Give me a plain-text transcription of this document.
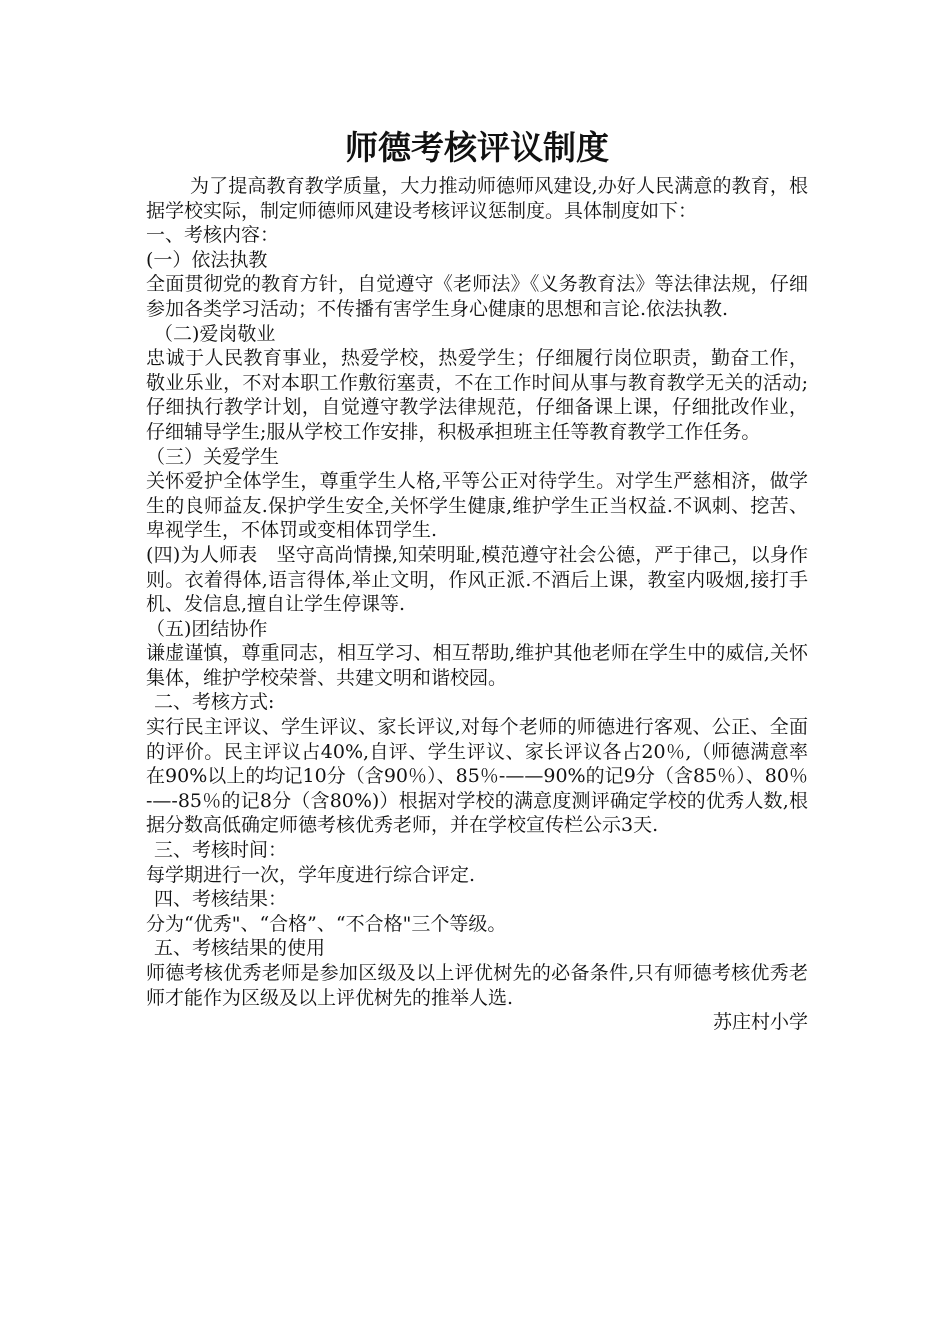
师德考核评议制度

为了提高教育教学质量，大力推动师德师风建设,办好人民满意的教育，根据学校实际，制定师德师风建设考核评议惩制度。具体制度如下：

一、考核内容：

(一）依法执教

全面贯彻党的教育方针，自觉遵守《老师法》《义务教育法》等法律法规，仔细参加各类学习活动；不传播有害学生身心健康的思想和言论.依法执教.

（二)爱岗敬业

忠诚于人民教育事业，热爱学校，热爱学生；仔细履行岗位职责，勤奋工作，敬业乐业，不对本职工作敷衍塞责，不在工作时间从事与教育教学无关的活动;仔细执行教学计划，自觉遵守教学法律规范，仔细备课上课，仔细批改作业，仔细辅导学生;服从学校工作安排，积极承担班主任等教育教学工作任务。

（三）关爱学生

关怀爱护全体学生，尊重学生人格,平等公正对待学生。对学生严慈相济，做学生的良师益友.保护学生安全,关怀学生健康,维护学生正当权益.不讽刺、挖苦、卑视学生，不体罚或变相体罚学生.

(四)为人师表　坚守高尚情操,知荣明耻,模范遵守社会公德，严于律己，以身作则。衣着得体,语言得体,举止文明，作风正派.不酒后上课，教室内吸烟,接打手机、发信息,擅自让学生停课等.

（五)团结协作

谦虚谨慎，尊重同志，相互学习、相互帮助,维护其他老师在学生中的威信,关怀集体，维护学校荣誉、共建文明和谐校园。

二、考核方式:

实行民主评议、学生评议、家长评议,对每个老师的师德进行客观、公正、全面的评价。民主评议占40%,自评、学生评议、家长评议各占20％,（师德满意率在90%以上的均记10分（含90％）、85％-——90%的记9分（含85％）、80％-—-85％的记8分（含80%)）根据对学校的满意度测评确定学校的优秀人数,根据分数高低确定师德考核优秀老师，并在学校宣传栏公示3天.

三、考核时间：

每学期进行一次，学年度进行综合评定.

四、考核结果：

分为“优秀"、“合格”、“不合格"三个等级。

五、考核结果的使用

师德考核优秀老师是参加区级及以上评优树先的必备条件,只有师德考核优秀老师才能作为区级及以上评优树先的推举人选.

苏庄村小学
